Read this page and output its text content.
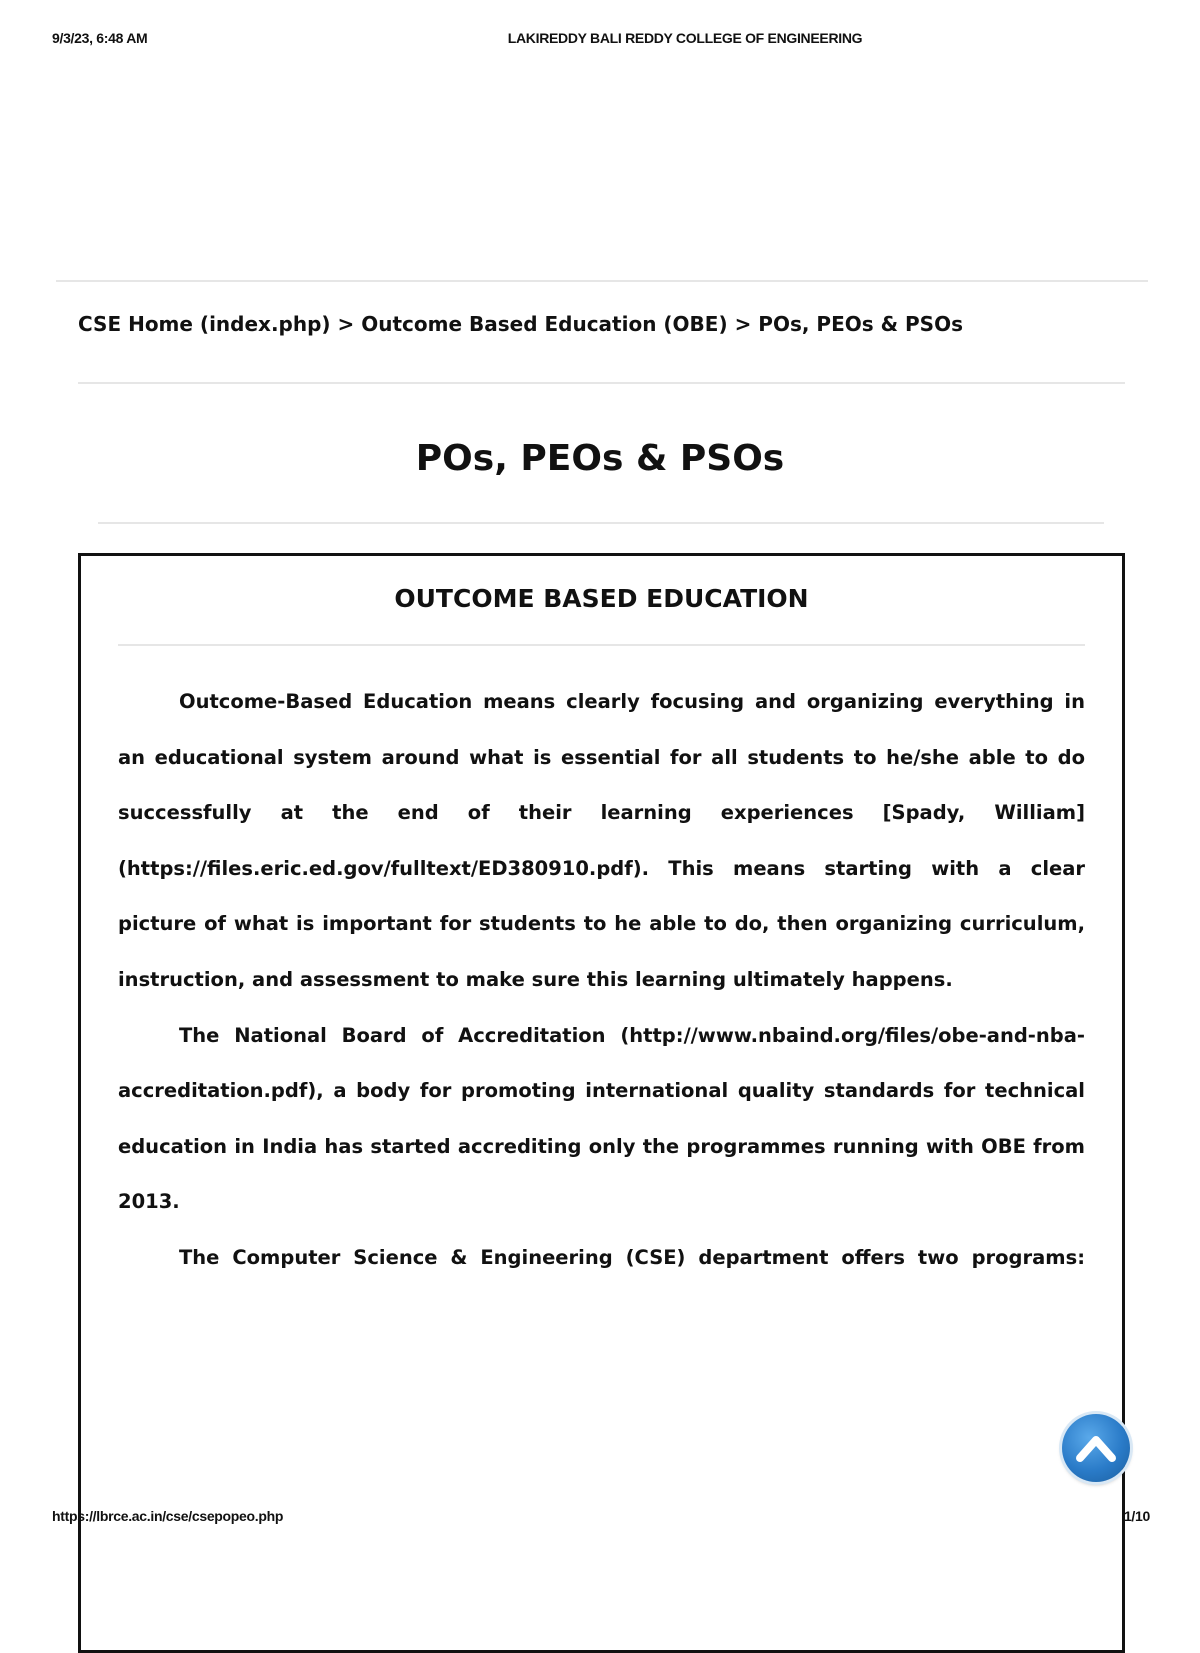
9/3/23, 6:48 AM	LAKIREDDY BALI REDDY COLLEGE OF ENGINEERING
CSE Home (index.php) > Outcome Based Education (OBE) > POs, PEOs & PSOs
POs, PEOs & PSOs
OUTCOME BASED EDUCATION

Outcome-Based Education means clearly focusing and organizing everything in an educational system around what is essential for all students to he/she able to do successfully at the end of their learning experiences [Spady, William] (https://files.eric.ed.gov/fulltext/ED380910.pdf). This means starting with a clear picture of what is important for students to he able to do, then organizing curriculum, instruction, and assessment to make sure this learning ultimately happens.

The National Board of Accreditation (http://www.nbaind.org/files/obe-and-nba-accreditation.pdf), a body for promoting international quality standards for technical education in India has started accrediting only the programmes running with OBE from 2013.

The Computer Science & Engineering (CSE) department offers two programs:

https://lbrce.ac.in/cse/csepopeo.php	1/10
